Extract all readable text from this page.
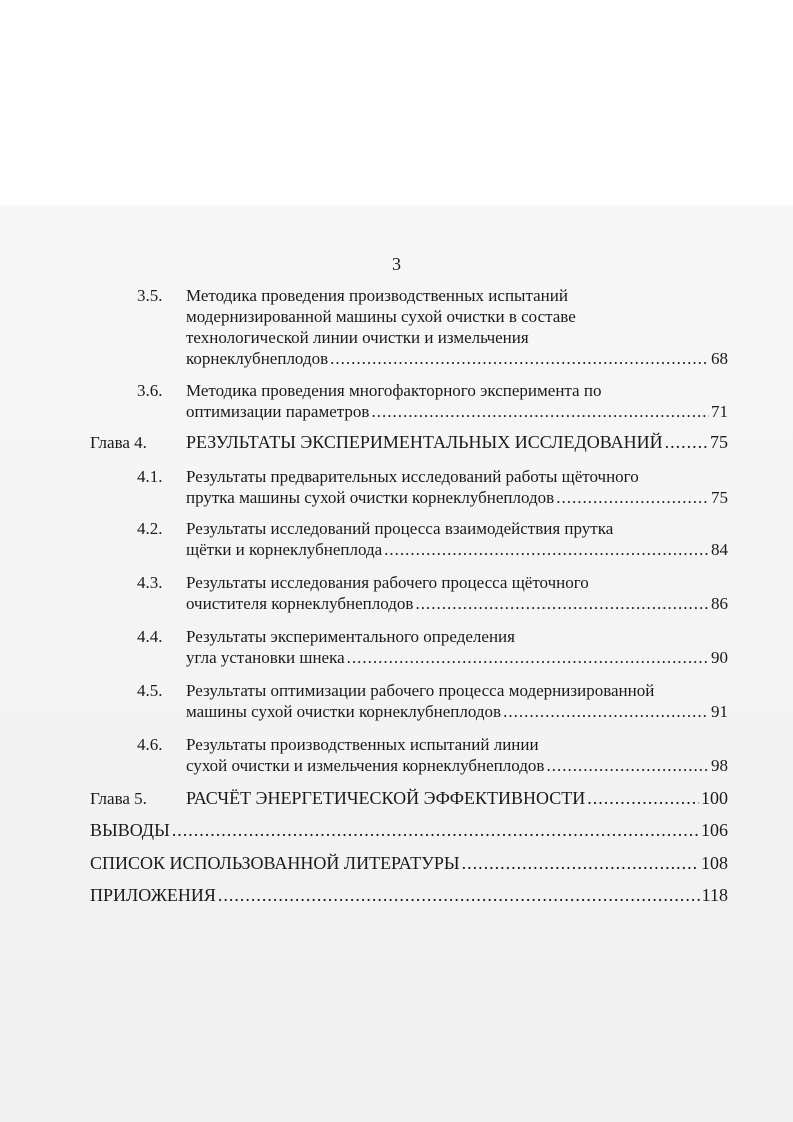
3
3.5. Методика проведения производственных испытаний
модернизированной машины сухой очистки в составе
технологической линии очистки и измельчения
корнеклубнеплодов .....	68
3.6. Методика проведения многофакторного эксперимента по
оптимизации параметров .....	71
Глава 4. РЕЗУЛЬТАТЫ ЭКСПЕРИМЕНТАЛЬНЫХ ИССЛЕДОВАНИЙ .....	75
4.1. Результаты предварительных исследований работы щёточного
прутка машины сухой очистки корнеклубнеплодов .....	75
4.2. Результаты исследований процесса взаимодействия прутка
щётки и корнеклубнеплода .....	84
4.3. Результаты исследования рабочего процесса щёточного
очистителя корнеклубнеплодов .....	86
4.4. Результаты экспериментального определения
угла установки шнека .....	90
4.5. Результаты оптимизации рабочего процесса модернизированной
машины сухой очистки корнеклубнеплодов .....	91
4.6. Результаты производственных испытаний линии
сухой очистки и измельчения корнеклубнеплодов .....	98
Глава 5. РАСЧЁТ ЭНЕРГЕТИЧЕСКОЙ ЭФФЕКТИВНОСТИ .....	100
ВЫВОДЫ .....	106
СПИСОК ИСПОЛЬЗОВАННОЙ ЛИТЕРАТУРЫ .....	108
ПРИЛОЖЕНИЯ .....	118
